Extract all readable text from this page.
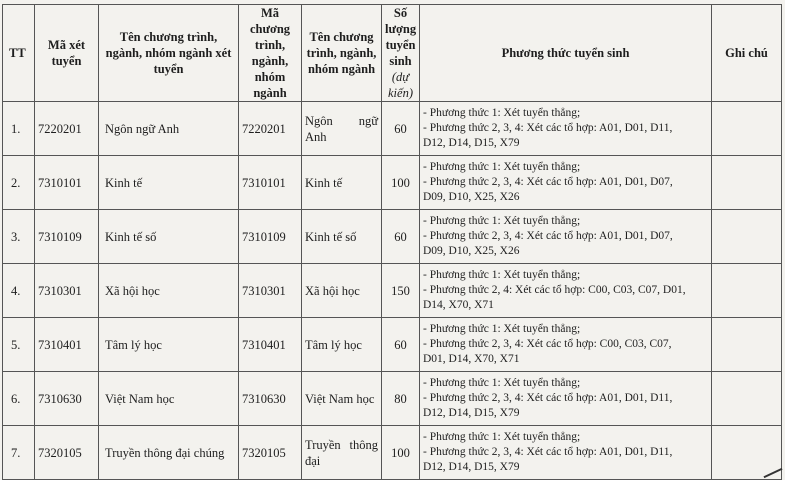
TT	Mã xét tuyển	Tên chương trình, ngành, nhóm ngành xét tuyển	Mã chương trình, ngành, nhóm ngành	Tên chương trình, ngành, nhóm ngành	Số lượng tuyển sinh (dự kiến)	Phương thức tuyển sinh	Ghi chú
1.	7220201	Ngôn ngữ Anh	7220201	Ngôn ngữ Anh	60	- Phương thức 1: Xét tuyển thẳng;
- Phương thức 2, 3, 4: Xét các tổ hợp: A01, D01, D11,
D12, D14, D15, X79	

2.	7310101	Kinh tế	7310101	Kinh tế	100	- Phương thức 1: Xét tuyển thẳng;
- Phương thức 2, 3, 4: Xét các tổ hợp: A01, D01, D07,
D09, D10, X25, X26	

3.	7310109	Kinh tế số	7310109	Kinh tế số	60	- Phương thức 1: Xét tuyển thẳng;
- Phương thức 2, 3, 4: Xét các tổ hợp: A01, D01, D07,
D09, D10, X25, X26	

4.	7310301	Xã hội học	7310301	Xã hội học	150	- Phương thức 1: Xét tuyển thẳng;
- Phương thức 2, 4: Xét các tổ hợp: C00, C03, C07, D01,
D14, X70, X71	

5.	7310401	Tâm lý học	7310401	Tâm lý học	60	- Phương thức 1: Xét tuyển thẳng;
- Phương thức 2, 3, 4: Xét các tổ hợp: C00, C03, C07,
D01, D14, X70, X71	

6.	7310630	Việt Nam học	7310630	Việt Nam học	80	- Phương thức 1: Xét tuyển thẳng;
- Phương thức 2, 3, 4: Xét các tổ hợp: A01, D01, D11,
D12, D14, D15, X79	

7.	7320105	Truyền thông đại chúng	7320105	Truyền thông đại	100	- Phương thức 1: Xét tuyển thẳng;
- Phương thức 2, 3, 4: Xét các tổ hợp: A01, D01, D11,
D12, D14, D15, X79	
